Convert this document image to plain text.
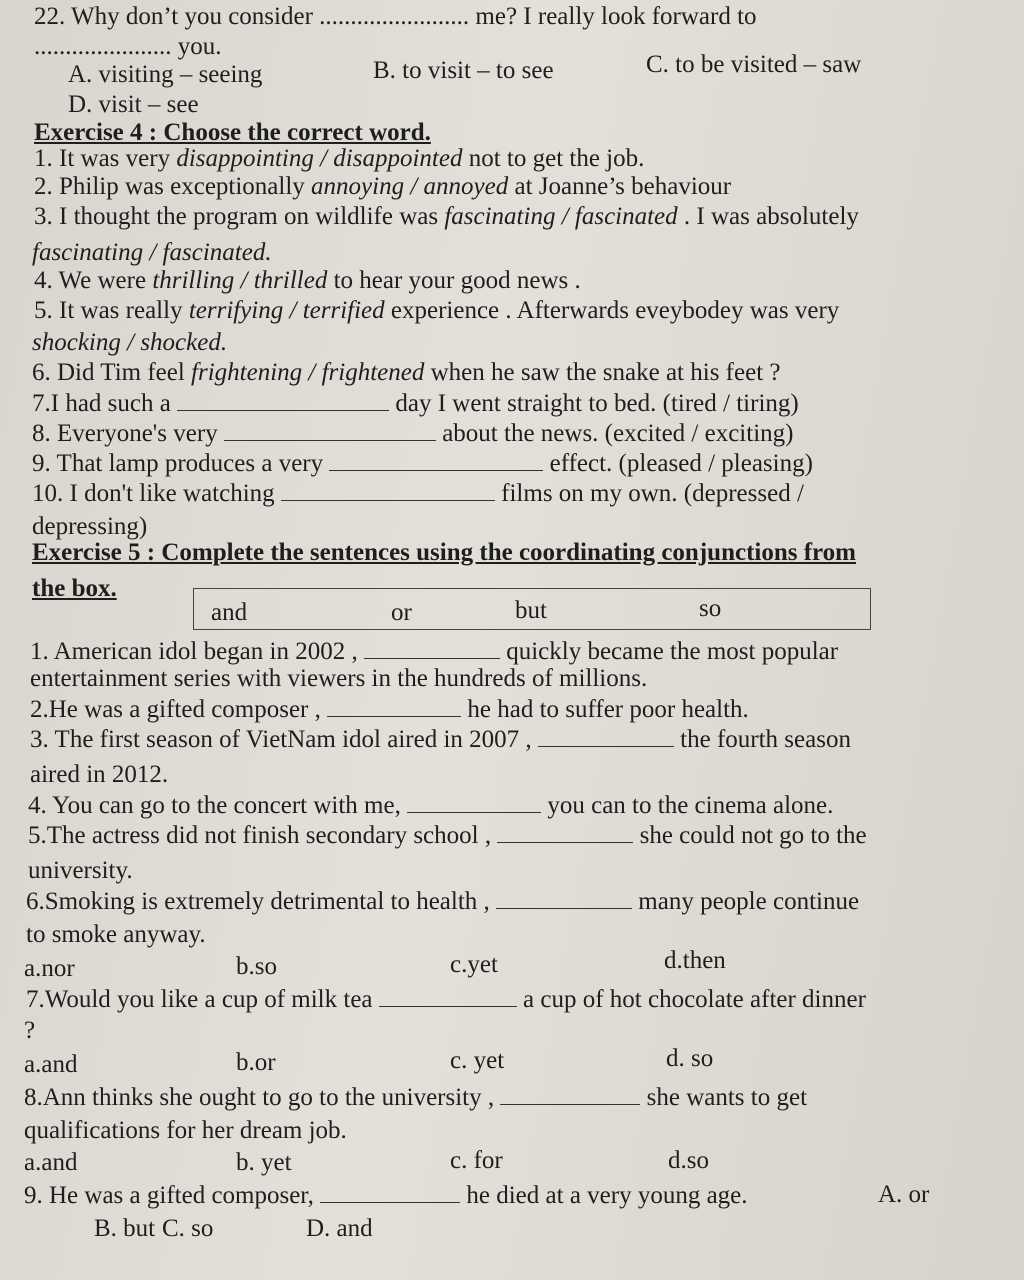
22. Why don’t you consider ........................ me? I really look forward to
...................... you.
A. visiting – seeing	B. to visit – to see	C. to be visited – saw
D. visit – see
Exercise 4 : Choose the correct word.
1. It was very disappointing / disappointed not to get the job.
2. Philip was exceptionally annoying / annoyed at Joanne’s behaviour
3. I thought the program on wildlife was fascinating / fascinated . I was absolutely
fascinating / fascinated.
4. We were thrilling / thrilled to hear your good news .
5. It was really terrifying / terrified experience . Afterwards eveybodey was very
shocking / shocked.
6. Did Tim feel frightening / frightened when he saw the snake at his feet ?
7.I had such a	day I went straight to bed. (tired / tiring)
8. Everyone's very	about the news. (excited / exciting)
9. That lamp produces a very	effect. (pleased / pleasing)
10. I don't like watching	films on my own. (depressed /
depressing)
Exercise 5 : Complete the sentences using the coordinating conjunctions from
the box.
and	or	but	so
1. American idol began in 2002 ,	quickly became the most popular
entertainment series with viewers in the hundreds of millions.
2.He was a gifted composer ,	he had to suffer poor health.
3. The first season of VietNam idol aired in 2007 ,	the fourth season
aired in 2012.
4. You can go to the concert with me,	you can to the cinema alone.
5.The actress did not finish secondary school ,	she could not go to the
university.
6.Smoking is extremely detrimental to health ,	many people continue
to smoke anyway.
a.nor	b.so	c.yet	d.then
7.Would you like a cup of milk tea	a cup of hot chocolate after dinner
?
a.and	b.or	c. yet	d. so
8.Ann thinks she ought to go to the university ,	she wants to get
qualifications for her dream job.
a.and	b. yet	c. for	d.so
9. He was a gifted composer,	he died at a very young age.	A. or
B. but C. so	D. and
